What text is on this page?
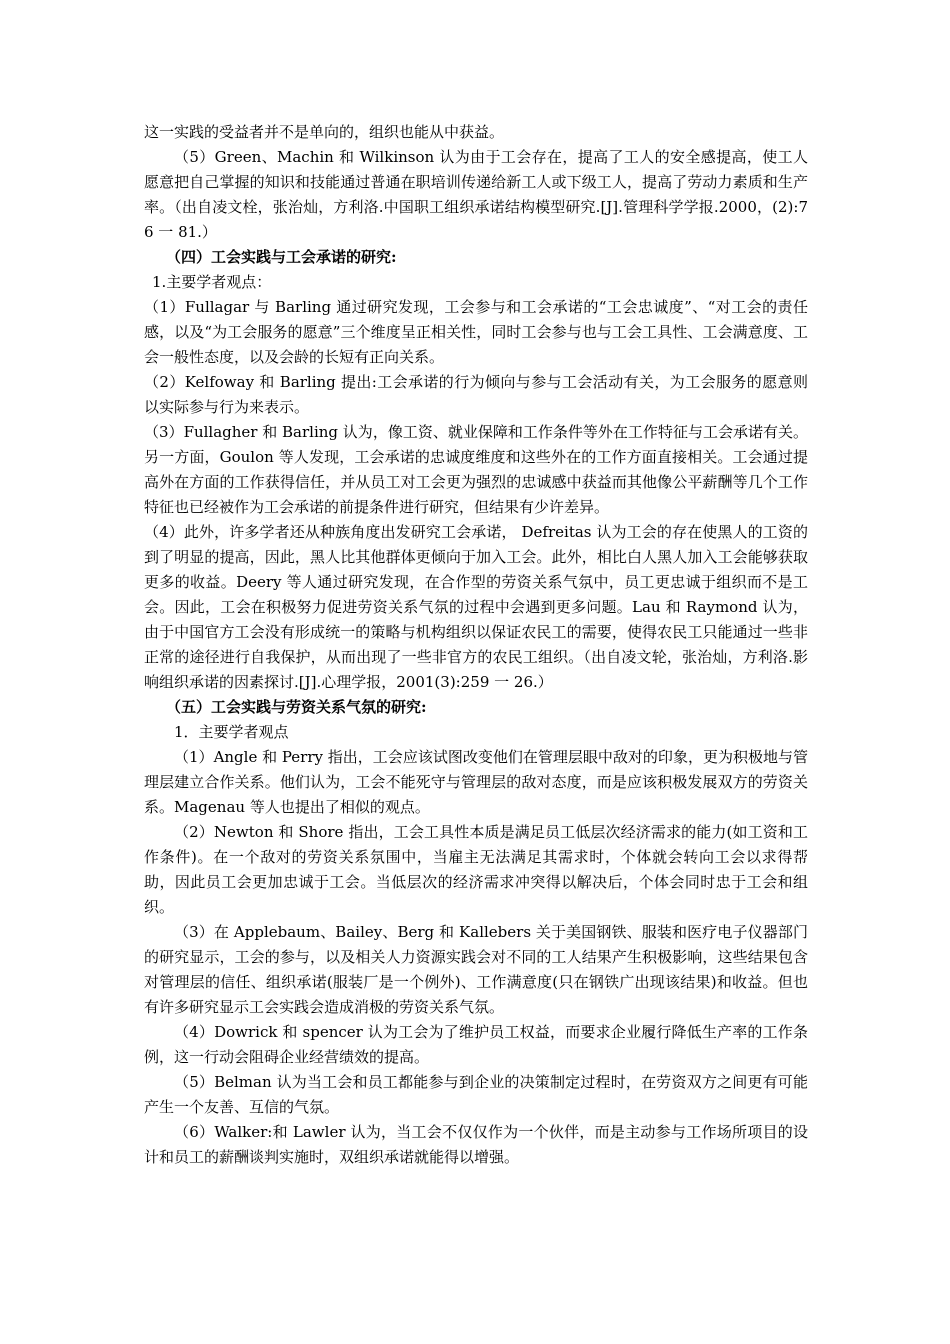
这一实践的受益者并不是单向的，组织也能从中获益。

（5）Green、Machin 和 Wilkinson 认为由于工会存在，提高了工人的安全感提高，使工人愿意把自己掌握的知识和技能通过普通在职培训传递给新工人或下级工人，提高了劳动力素质和生产率。（出自凌文栓，张治灿，方利洛.中国职工组织承诺结构模型研究.[J].管理科学学报.2000，(2):76 一 81.）

（四）工会实践与工会承诺的研究:

1.主要学者观点：

（1）Fullagar 与 Barling 通过研究发现，工会参与和工会承诺的“工会忠诚度”、“对工会的责任感，以及“为工会服务的愿意”三个维度呈正相关性，同时工会参与也与工会工具性、工会满意度、工会一般性态度，以及会龄的长短有正向关系。

（2）Kelfoway 和 Barling 提出:工会承诺的行为倾向与参与工会活动有关，为工会服务的愿意则以实际参与行为来表示。

（3）Fullagher 和 Barling 认为，像工资、就业保障和工作条件等外在工作特征与工会承诺有关。另一方面，Goulon 等人发现，工会承诺的忠诚度维度和这些外在的工作方面直接相关。工会通过提高外在方面的工作获得信任，并从员工对工会更为强烈的忠诚感中获益而其他像公平薪酬等几个工作特征也已经被作为工会承诺的前提条件进行研究，但结果有少许差异。

（4）此外，许多学者还从种族角度出发研究工会承诺， Defreitas 认为工会的存在使黑人的工资的到了明显的提高，因此，黑人比其他群体更倾向于加入工会。此外，相比白人黑人加入工会能够获取更多的收益。Deery 等人通过研究发现，在合作型的劳资关系气氛中，员工更忠诚于组织而不是工会。因此，工会在积极努力促进劳资关系气氛的过程中会遇到更多问题。Lau 和 Raymond 认为，由于中国官方工会没有形成统一的策略与机构组织以保证农民工的需要，使得农民工只能通过一些非正常的途径进行自我保护，从而出现了一些非官方的农民工组织。（出自凌文轮，张治灿，方利洛.影响组织承诺的因素探讨.[J].心理学报，2001(3):259 一 26.）

（五）工会实践与劳资关系气氛的研究:

1．主要学者观点

（1）Angle 和 Perry 指出，工会应该试图改变他们在管理层眼中敌对的印象，更为积极地与管理层建立合作关系。他们认为，工会不能死守与管理层的敌对态度，而是应该积极发展双方的劳资关系。Magenau 等人也提出了相似的观点。

（2）Newton 和 Shore 指出，工会工具性本质是满足员工低层次经济需求的能力(如工资和工作条件)。在一个敌对的劳资关系氛围中，当雇主无法满足其需求时，个体就会转向工会以求得帮助，因此员工会更加忠诚于工会。当低层次的经济需求冲突得以解决后，个体会同时忠于工会和组织。

（3）在 Applebaum、Bailey、Berg 和 Kallebers 关于美国钢铁、服装和医疗电子仪器部门的研究显示，工会的参与，以及相关人力资源实践会对不同的工人结果产生积极影响，这些结果包含对管理层的信任、组织承诺(服装厂是一个例外)、工作满意度(只在钢铁广出现该结果)和收益。但也有许多研究显示工会实践会造成消极的劳资关系气氛。

（4）Dowrick 和 spencer 认为工会为了维护员工权益，而要求企业履行降低生产率的工作条例，这一行动会阻碍企业经营绩效的提高。

（5）Belman 认为当工会和员工都能参与到企业的决策制定过程时，在劳资双方之间更有可能产生一个友善、互信的气氛。

（6）Walker:和 Lawler 认为，当工会不仅仅作为一个伙伴，而是主动参与工作场所项目的设计和员工的薪酬谈判实施时，双组织承诺就能得以增强。
